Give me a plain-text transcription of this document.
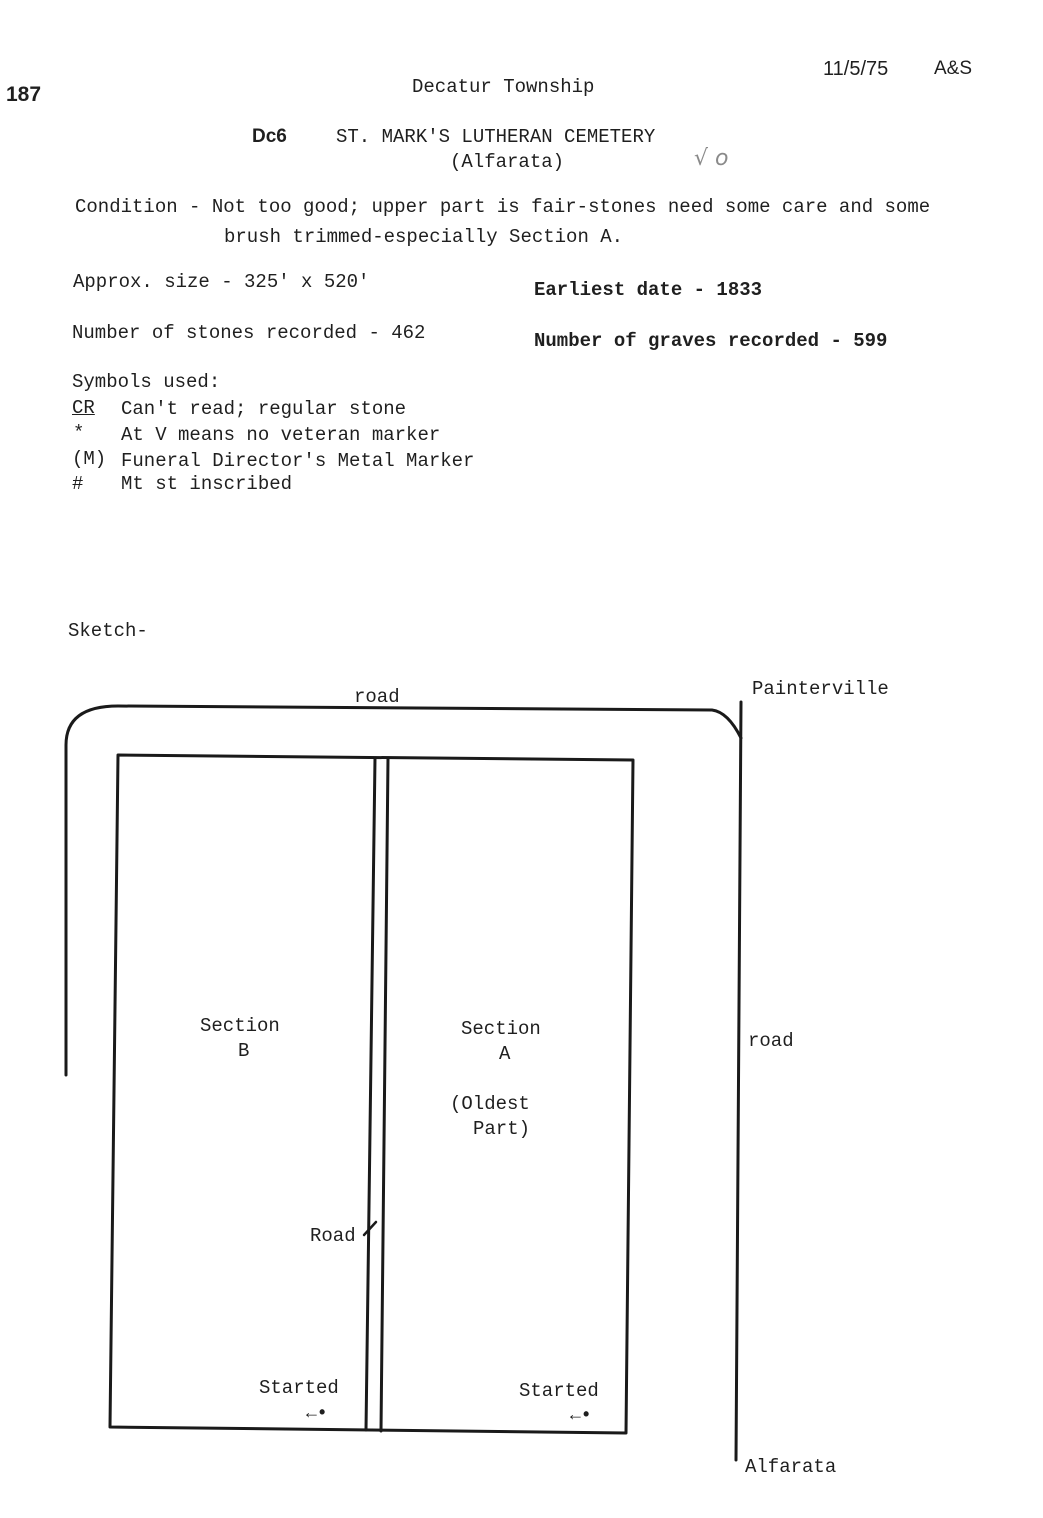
187
11/5/75 A&S
Decatur Township
Dc6	ST. MARK'S LUTHERAN CEMETERY
(Alfarata)	√ o
Condition - Not too good; upper part is fair-stones need some care and some
brush trimmed-especially Section A.
Approx. size - 325' x 520'	Earliest date - 1833
Number of stones recorded - 462	Number of graves recorded - 599
Symbols used:
CR Can't read; regular stone
* At V means no veteran marker
(M) Funeral Director's Metal Marker
# Mt st inscribed
Sketch-
road	Painterville
road
Alfarata
Section
B
Section
A
(Oldest
Part)
Road
Started
←•
Started
←•
